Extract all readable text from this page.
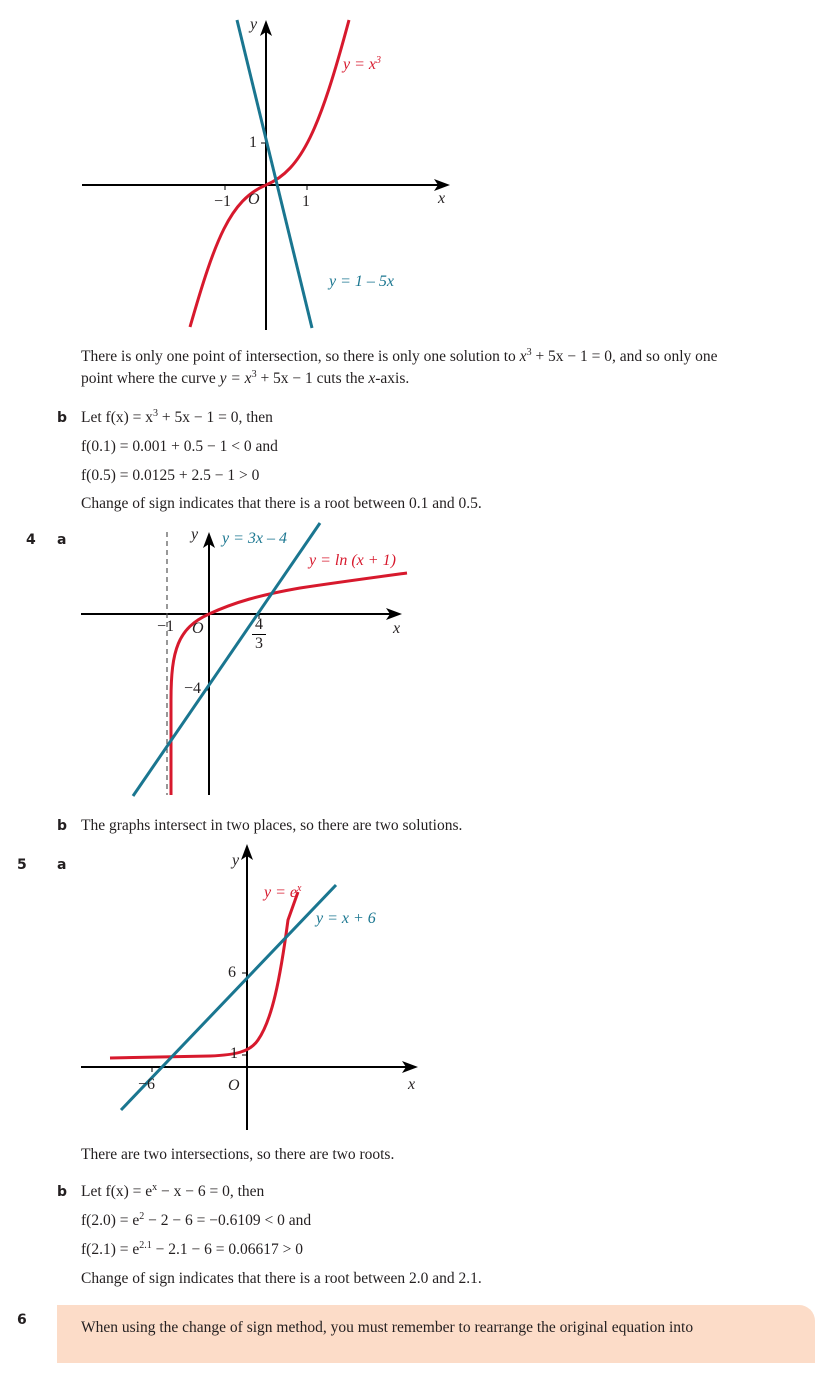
y
x
O
−1	1
1
$y = x^3$
y = 1 – 5x
There is only one point of intersection, so there is only one solution to $x^3 + 5x - 1 = 0$, and so only one
point where the curve $y = x^3 + 5x - 1$ cuts the x-axis.
b Let $f(x) = x^3 + 5x - 1 = 0$, then
f(0.1) = 0.001 + 0.5 − 1 < 0 and
f(0.5) = 0.0125 + 2.5 − 1 > 0
Change of sign indicates that there is a root between 0.1 and 0.5.
4 a	y
x
O
−1	4
3
−4
y = 3x – 4
y = ln (x + 1)
b The graphs intersect in two places, so there are two solutions.
5 a	y
x
O
−6
6
1
$y = e^x$
y = x + 6
There are two intersections, so there are two roots.
b Let $f(x) = e^x - x - 6 = 0$, then
$f(2.0) = e^2 - 2 - 6 = -0.6109 < 0$ and
$f(2.1) = e^{2.1} - 2.1 - 6 = 0.06617 > 0$
Change of sign indicates that there is a root between 2.0 and 2.1.
6	When using the change of sign method, you must remember to rearrange the original equation into
